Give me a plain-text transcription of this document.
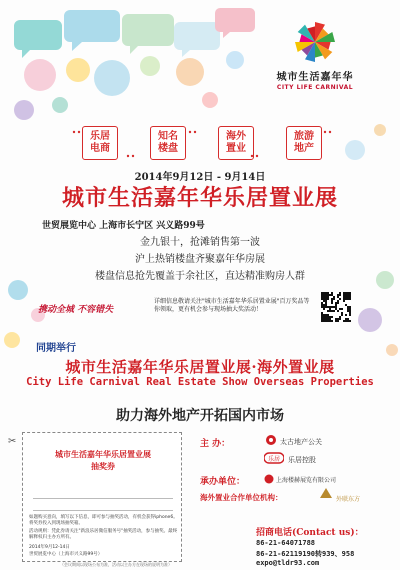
城市生活嘉年华
CITY LIFE CARNIVAL
乐居
电商
知名
楼盘
海外
置业
旅游
地产
2014年9月12日 - 9月14日
城市生活嘉年华乐居置业展
世贸展览中心 上海市长宁区 兴义路99号
金九银十，抢滩销售第一波
沪上热销楼盘齐聚嘉年华房展
楼盘信息抢先覆盖于余社区，直达精准购房人群
携动全城 不容错失
详细信息敬请关注"城市生活嘉年华乐居置业展"百万奖品等你领取，更有机会参与现场抽大奖活动！
同期举行
城市生活嘉年华乐居置业展·海外置业展
City Life Carnival Real Estate Show Overseas Properties
助力海外地产开拓国内市场
✂
城市生活嘉年华乐居置业展
抽奖券
如题购买意向，填写以下信息，即可参与抽奖活动，有机会获得iphone6。将奖券投入到现场抽奖箱。
活动规则：凭此券请关注"新浪乐居微信服务号"抽奖活动，参与抽奖。最终解释权归主办方所有。
2014年9月12-14日
世贸展览中心（上海市兴义路99号）
主 办：	太古地产公关
乐居 乐居控股
承办单位：	上海楼赫展览有限公司
海外置业合作单位机构：	外联东方
招商电话(Contact us)：
86-21-64071788
86-21-62119190转939、958
expo@tldr93.com
（会议期间以现场公布为准，活动以主办方在现场的说明为准）
